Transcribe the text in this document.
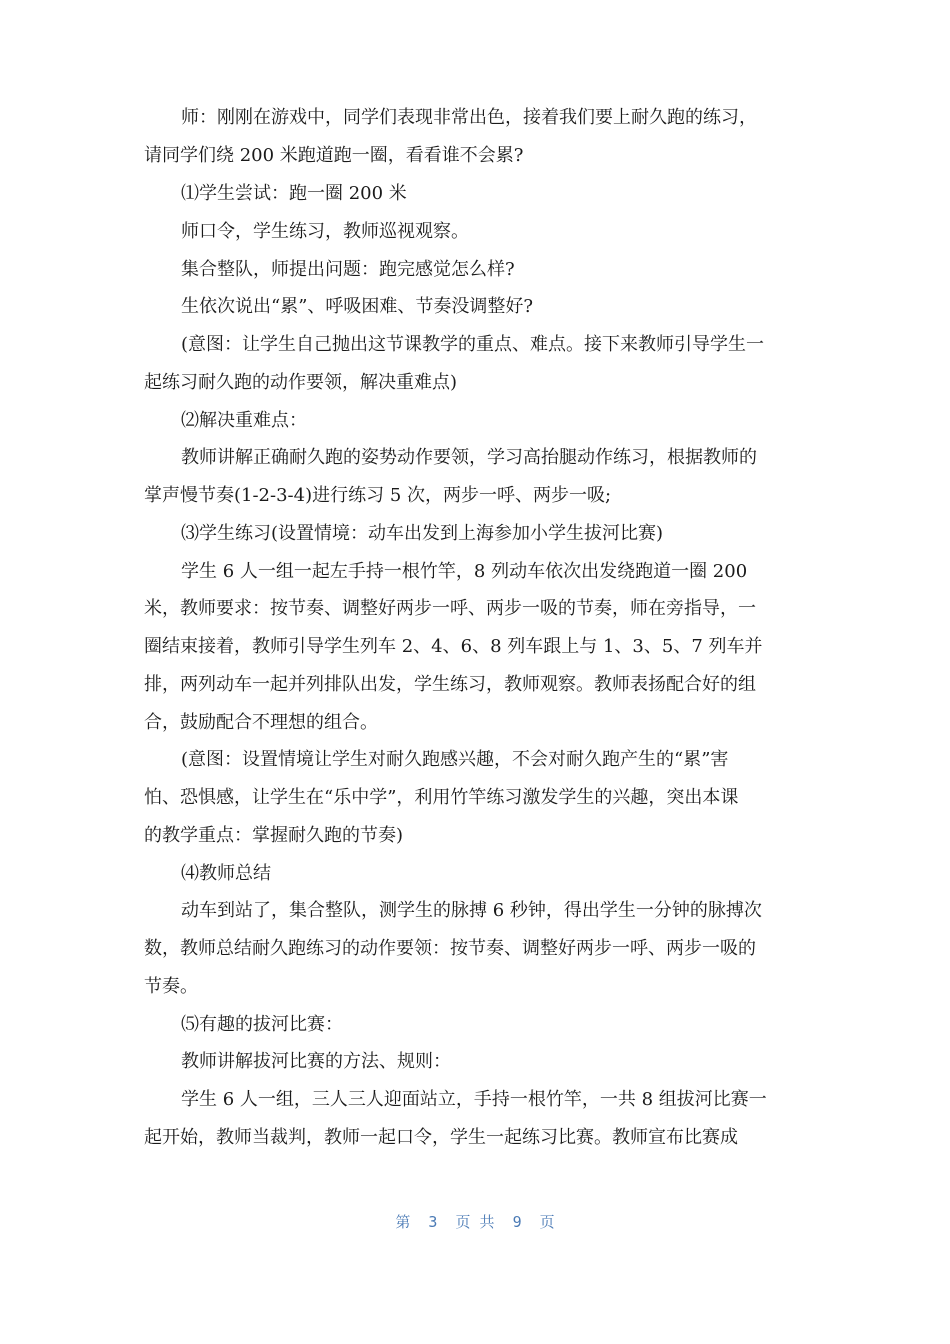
师：刚刚在游戏中，同学们表现非常出色，接着我们要上耐久跑的练习，
请同学们绕 200 米跑道跑一圈，看看谁不会累?
⑴学生尝试：跑一圈 200 米
师口令，学生练习，教师巡视观察。
集合整队，师提出问题：跑完感觉怎么样?
生依次说出“累”、呼吸困难、节奏没调整好?
(意图：让学生自己抛出这节课教学的重点、难点。接下来教师引导学生一
起练习耐久跑的动作要领，解决重难点)
⑵解决重难点：
教师讲解正确耐久跑的姿势动作要领，学习高抬腿动作练习，根据教师的
掌声慢节奏(1-2-3-4)进行练习 5 次，两步一呼、两步一吸;
⑶学生练习(设置情境：动车出发到上海参加小学生拔河比赛)
学生 6 人一组一起左手持一根竹竿，8 列动车依次出发绕跑道一圈 200
米，教师要求：按节奏、调整好两步一呼、两步一吸的节奏，师在旁指导，一
圈结束接着，教师引导学生列车 2、4、6、8 列车跟上与 1、3、5、7 列车并
排，两列动车一起并列排队出发，学生练习，教师观察。教师表扬配合好的组
合，鼓励配合不理想的组合。
(意图：设置情境让学生对耐久跑感兴趣，不会对耐久跑产生的“累”害
怕、恐惧感，让学生在“乐中学”，利用竹竿练习激发学生的兴趣，突出本课
的教学重点：掌握耐久跑的节奏)
⑷教师总结
动车到站了，集合整队，测学生的脉搏 6 秒钟，得出学生一分钟的脉搏次
数，教师总结耐久跑练习的动作要领：按节奏、调整好两步一呼、两步一吸的
节奏。
⑸有趣的拔河比赛：
教师讲解拔河比赛的方法、规则：
学生 6 人一组，三人三人迎面站立，手持一根竹竿，一共 8 组拔河比赛一
起开始，教师当裁判，教师一起口令，学生一起练习比赛。教师宣布比赛成
第  3  页 共  9  页
